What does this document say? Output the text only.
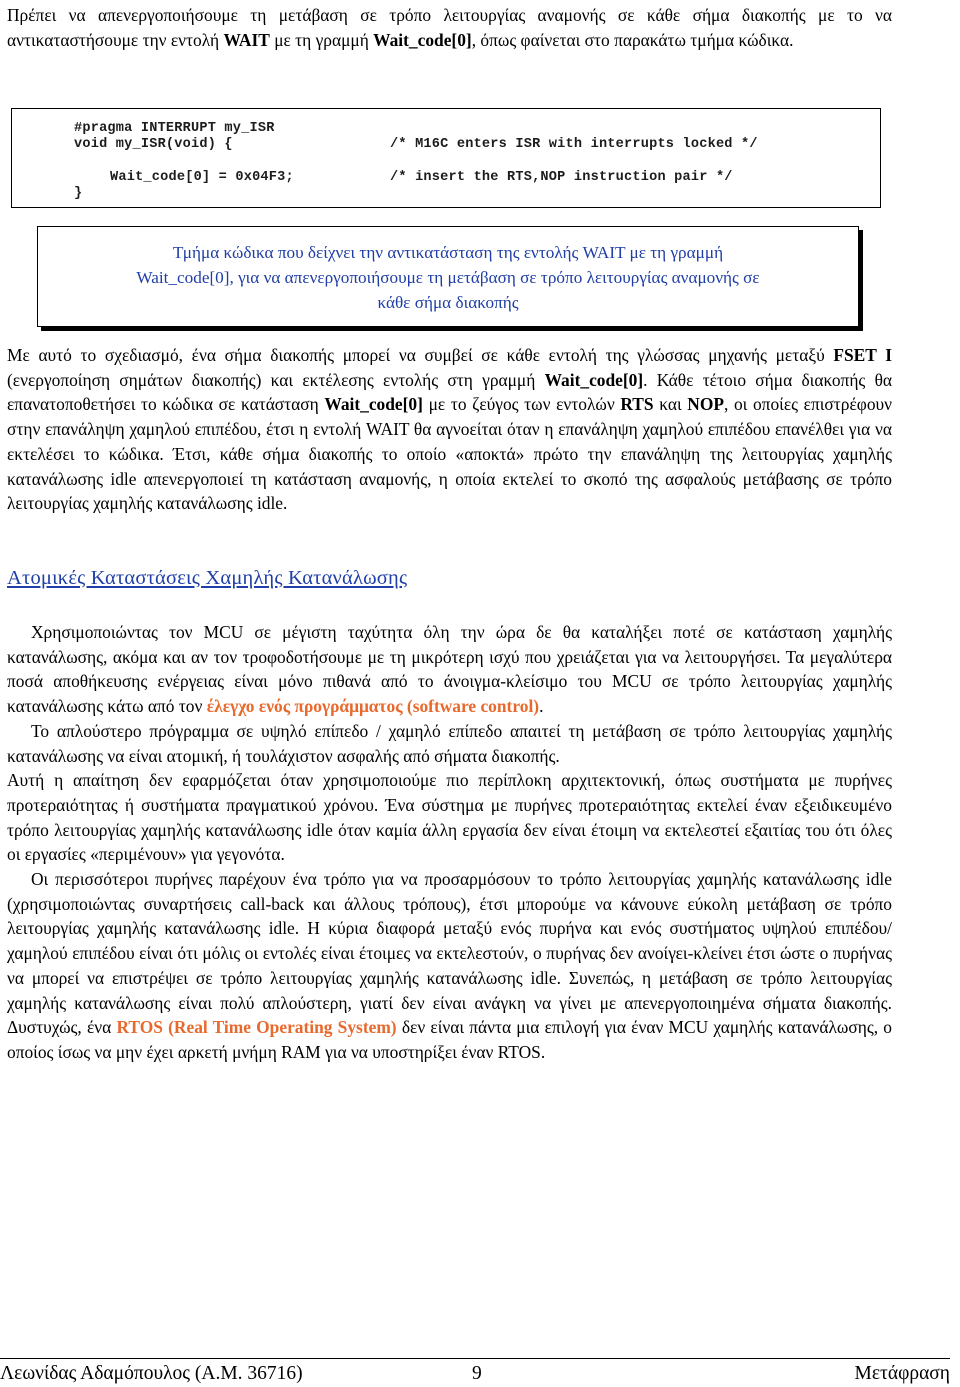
Πρέπει να απενεργοποιήσουμε τη μετάβαση σε τρόπο λειτουργίας αναμονής σε κάθε σήμα διακοπής με το να αντικαταστήσουμε την εντολή WAIT με τη γραμμή Wait_code[0], όπως φαίνεται στο παρακάτω τμήμα κώδικα.

#pragma INTERRUPT my_ISR
void my_ISR(void) {	/* M16C enters ISR with interrupts locked */
Wait_code[0] = 0x04F3;	/* insert the RTS,NOP instruction pair */
}
Τμήμα κώδικα που δείχνει την αντικατάσταση της εντολής WAIT με τη γραμμή
Wait_code[0], για να απενεργοποιήσουμε τη μετάβαση σε τρόπο λειτουργίας αναμονής σε
κάθε σήμα διακοπής

Με αυτό το σχεδιασμό, ένα σήμα διακοπής μπορεί να συμβεί σε κάθε εντολή της γλώσσας μηχανής μεταξύ FSET I (ενεργοποίηση σημάτων διακοπής) και εκτέλεσης εντολής στη γραμμή Wait_code[0]. Κάθε τέτοιο σήμα διακοπής θα επανατοποθετήσει το κώδικα σε κατάσταση Wait_code[0] με το ζεύγος των εντολών RTS και NOP, οι οποίες επιστρέφουν στην επανάληψη χαμηλού επιπέδου, έτσι η εντολή WAIT θα αγνοείται όταν η επανάληψη χαμηλού επιπέδου επανέλθει για να εκτελέσει το κώδικα. Έτσι, κάθε σήμα διακοπής το οποίο «αποκτά» πρώτο την επανάληψη της λειτουργίας χαμηλής κατανάλωσης idle απενεργοποιεί τη κατάσταση αναμονής, η οποία εκτελεί το σκοπό της ασφαλούς μετάβασης σε τρόπο λειτουργίας χαμηλής κατανάλωσης idle.

Ατομικές Καταστάσεις Χαμηλής Κατανάλωσης

Χρησιμοποιώντας τον MCU σε μέγιστη ταχύτητα όλη την ώρα δε θα καταλήξει ποτέ σε κατάσταση χαμηλής κατανάλωσης, ακόμα και αν τον τροφοδοτήσουμε με τη μικρότερη ισχύ που χρειάζεται για να λειτουργήσει. Τα μεγαλύτερα ποσά αποθήκευσης ενέργειας είναι μόνο πιθανά από το άνοιγμα-κλείσιμο του MCU σε τρόπο λειτουργίας χαμηλής κατανάλωσης κάτω από τον έλεγχο ενός προγράμματος (software control).

Το απλούστερο πρόγραμμα σε υψηλό επίπεδο / χαμηλό επίπεδο απαιτεί τη μετάβαση σε τρόπο λειτουργίας χαμηλής κατανάλωσης να είναι ατομική, ή τουλάχιστον ασφαλής από σήματα διακοπής.

Αυτή η απαίτηση δεν εφαρμόζεται όταν χρησιμοποιούμε πιο περίπλοκη αρχιτεκτονική, όπως συστήματα με πυρήνες προτεραιότητας ή συστήματα πραγματικού χρόνου. Ένα σύστημα με πυρήνες προτεραιότητας εκτελεί έναν εξειδικευμένο τρόπο λειτουργίας χαμηλής κατανάλωσης idle όταν καμία άλλη εργασία δεν είναι έτοιμη να εκτελεστεί εξαιτίας του ότι όλες οι εργασίες «περιμένουν» για γεγονότα.

Οι περισσότεροι πυρήνες παρέχουν ένα τρόπο για να προσαρμόσουν το τρόπο λειτουργίας χαμηλής κατανάλωσης idle (χρησιμοποιώντας συναρτήσεις call-back και άλλους τρόπους), έτσι μπορούμε να κάνουνε εύκολη μετάβαση σε τρόπο λειτουργίας χαμηλής κατανάλωσης idle. Η κύρια διαφορά μεταξύ ενός πυρήνα και ενός συστήματος υψηλού επιπέδου/χαμηλού επιπέδου είναι ότι μόλις οι εντολές είναι έτοιμες να εκτελεστούν, ο πυρήνας δεν ανοίγει-κλείνει έτσι ώστε ο πυρήνας να μπορεί να επιστρέψει σε τρόπο λειτουργίας χαμηλής κατανάλωσης idle. Συνεπώς, η μετάβαση σε τρόπο λειτουργίας χαμηλής κατανάλωσης είναι πολύ απλούστερη, γιατί δεν είναι ανάγκη να γίνει με απενεργοποιημένα σήματα διακοπής. Δυστυχώς, ένα RTOS (Real Time Operating System) δεν είναι πάντα μια επιλογή για έναν MCU χαμηλής κατανάλωσης, ο οποίος ίσως να μην έχει αρκετή μνήμη RAM για να υποστηρίξει έναν RTOS.

Λεωνίδας Αδαμόπουλος (Α.Μ. 36716)	9	Μετάφραση
